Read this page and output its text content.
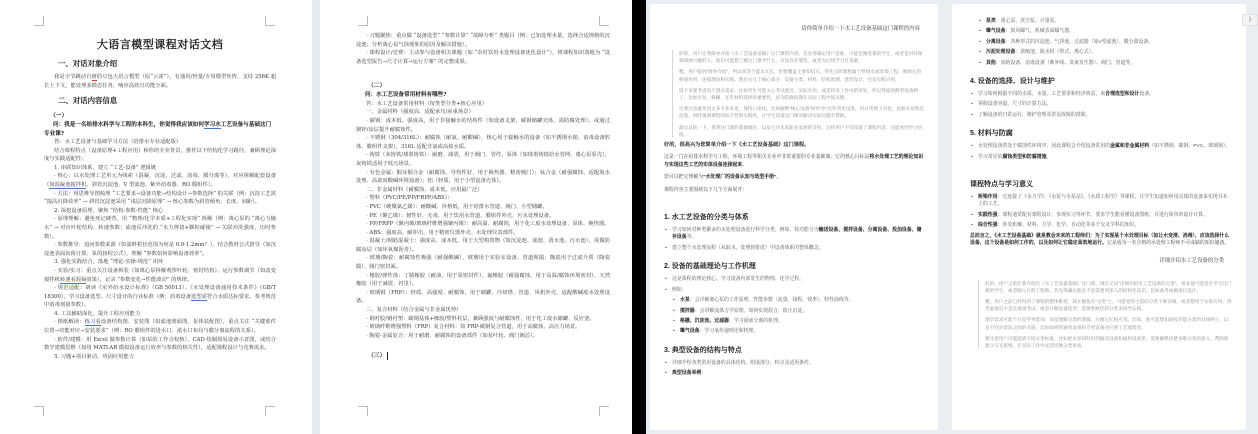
大语言模型课程对话文档
一、对话对象介绍

我是字节跳动自研的豆包大语言模型（原“云雀”），有通用/轻量/专用模型矩阵，支持 256K 超长上下文，能处理多模态任务，响应高效且功能全面。

二、对话内容信息
（一）

问：我是一名给排水科学与工程的本科生，你觉得我应该如何学习水工艺设备与基础这门专业课?

答：水工艺设备与基础学习方法（给排水专业适配版）

结合课程特点（设备原理+工程应用）和你的专业背景，推荐以下结构化学习路径，兼顾理论深度与实践适配性：

1. 串联知识体系，建立 “工艺-设备” 逻辑链

· 核心：以水处理工艺单元为线索（混凝、沉淀、过滤、消毒、膜分离等），对应拆解配套设备（如混凝池搅拌机、斜管沉淀池、V 型滤池、紫外消毒器、RO 膜组件）。

· 方法：用思维导图梳理 “工艺要求→设备功能→结构设计→参数选择” 的关联（例：沉淀工艺需 “提高沉降效率” → 斜管沉淀池采用 “浅层沉降原理” → 核心参数为斜管倾角、长度、间距）。

2. 深挖设备原理，聚焦 “结构-参数-性能” 核心

· 原理理解：避免死记硬背，用 “物理/化学本质+工程化实现” 拆解（例：离心泵的 “离心力输水” → 对应叶轮结构、转速参数；滤池反冲洗的 “水力剪切+颗粒碰撞” → 关联冲洗强度、历时参数）。

· 参数推导：追问参数来源（如滤料粒径范围为何是 0.9-1.2mm？），结合教材公式推导（如沉淀池表面负荷计算、泵的扬程公式），理解 “参数如何影响设备效率”。

3. 强化实践结合，落地 “理论-实操-规范” 闭环

· 实验/实习：重点关注设备拆装（如离心泵拆解观察叶轮、密封结构）、运行参数调节（如改变搅拌机转速看混凝效果），记录 “参数变化→性能波动” 的规律。

· 规范适配：研读《室外给水设计标准》（GB 50013）、《水处理设备通用技术条件》（GB/T 18300），学习设备选型、尺寸设计的行业标准（例：消毒设备选型需符合水质达标要求，参考规范中消毒剂量参数）。

4. 工具辅助深化，提升工程应用能力

· 图纸解读：练习看设备结构图、安装图（如滤池剖面图、泵体装配图），重点关注 “关键部件位置→功能对应→安装要求”（例：RO 膜组件的进水口、浓水口布局与膜分离流程的关系）。

· 软件/建模：用 Excel 做参数计算（如泵的工作点校核）、CAD 绘制简易设备示意图，或结合数学建模思维（如用 MATLAB 模拟设备运行效率与参数的相关性），适配课程设计与竞赛需求。

5. 习题+项目驱动，巩固应用能力

· 习题聚焦：重点做 “设备选型” “参数计算” “故障分析” 类题目（例：已知处理水量，选择合适规格的沉淀池；分析离心泵气蚀现象的原因及解决措施）。

· 课程设计/竞赛：主动参与设备相关课题（如 “农村饮用水处理设备优化设计”），将课程知识落地为 “设备选型报告→尺寸计算→运行方案” 的完整成果。

（二）

问：水工艺设备常用材料有哪些?

答：水工艺设备常用材料（按类型分类+核心应用）

一、金属材料（强度高、适配承压/承重场景）

· 碳钢：成本低、强度高，用于非接触水的结构件（如设备支架、碳钢储罐壳体，需防腐处理），或通过镀锌/涂层提升耐腐蚀性。

· 不锈钢（304/316L）：耐腐蚀（耐氯、耐酸碱），核心用于接触水的设备（如不锈钢水箱、消毒设备腔体、膜组件支架），316L 适配含氯或高盐水质。

· 铸铁（灰铸铁/球墨铸铁）：耐磨、减震，用于阀门、管件、泵体（如球墨铸铁给水管网、离心泵泵壳），灰铸铁适用于低压场景。

· 有色金属：铜及铜合金（耐腐蚀、导热性好，用于换热器、精密阀门）；钛合金（耐强腐蚀，适配海水处理、高浓度酸碱环境设备）；铝（轻质，用于小型设备壳体）。

二、非金属材料（耐腐蚀、成本低，应用最广泛）

· 塑料（PVC/PE/PP/FRPP/ABS）：

· PVC（硬聚氯乙烯）：耐酸碱、价格低，用于给排水管道、阀门、小型储罐。

· PE（聚乙烯）：韧性好、无毒，用于饮用水管道、膜组件外壳、污水处理设备。

· PP/FRPP（聚丙烯/玻璃纤维增强聚丙烯）：耐高温、耐腐蚀，用于化工废水处理设备、泵体、换热器。

· ABS：强度高、耐冲击，用于精密仪器外壳、水处理仪表部件。

· 混凝土/钢筋混凝土：强度高、成本低，用于大型构筑物（如沉淀池、滤池、清水池、污水池），需做防腐涂层（如环氧煤沥青）。

· 玻璃/陶瓷：耐腐蚀性极强（耐强酸碱），玻璃用于实验室设备、管道视镜；陶瓷用于过滤介质（陶瓷膜）、阀门密封面。

· 橡胶/弹性体：丁腈橡胶（耐油，用于泵密封件）、氟橡胶（耐强腐蚀，用于高温/腐蚀环境密封）、天然橡胶（用于减震、衬里）。

· 玻璃钢（FRP）：轻质、高强度、耐腐蚀，用于储罐、冷却塔、管道、风机外壳，适配酸碱废水处理设备。

三、复合材料（结合金属与非金属优势）

· 钢衬胶/钢衬塑：碳钢基体+橡胶/塑料衬层，兼顾强度与耐腐蚀性，用于化工废水储罐、反应釜。

· 玻璃纤维增强塑料（FRP）复合材料：如 FRP-碳钢复合管道，用于高腐蚀、高压力场景。

· 陶瓷-金属复合：用于耐磨、耐腐蚀的设备部件（如泵叶轮、阀门阀芯）。

（三）
请你简单介绍一下水工艺设备基础这门课程的内容

好的，用户让我简单介绍《水工艺设备基础》这门课的内容。首先得确定用户是谁，可能是刚选课的学生，或者是对环保领域感兴趣的人。他们可能想了解这门课学什么，有没有必要选，或者为后续学习打基础。

嗯，用户提到“简单介绍”，所以回答不能太冗长，但要覆盖主要知识点。得先点明课程属于给排水或环境工程，强调它的桥梁作用，连接理论和实践。然后分几个核心部分：设备分类、材料、结构原理、选型设计，还有实践应用。

接下来要考虑用户潜在需求。比如学生可能关心考试重点、实际应用，或者将来工作中的用处。所以得提到典型设备例子，比如水泵、格栅，还有材料选择的重要性，因为防腐问题在实际工程中很关键。

还要注意避免用太多专业术语，保持口语化。比如解释“核心设备”时举“泵”这些常见设备，用日常例子对比，比如水泵和沉淀池。同时强调课程的综合性和实践性，让学生知道这门课对解决实际问题有帮助。

最后总结一下，说明这门课的基础地位，以及它对未来职业发展的支持。这样用户不仅知道了课程内容，还能看到学习价值。

好的，很高兴为您简单介绍一下《水工艺设备基础》这门课程。

这是一门在给排水科学与工程、环境工程等相关专业中非常重要的专业基础课。它的核心目标是将水处理工艺的理论知识与实现这些工艺的实体设备连接起来。

您可以把它理解为“水处理厂的设备认知与选型手册”。

课程内容主要围绕以下几个方面展开：

1. 水工艺设备的分类与体系
• 学习如何对种类繁多的水处理设备进行科学分类。例如，按功能分为输送设备、搅拌设备、分离设备、投加设备、储存设备等。
• 建立整个水处理流程（从取水、处理到排放）中设备体系的整体概念。
2. 设备的基础理论与工作机理
• 这是课程的理论核心。学习设备内部发生的物理、化学过程。
• 例如：
• 水泵：会详解离心泵的工作原理、性能参数（流量、扬程、效率）、特性曲线等。
• 搅拌器：会讲解流体力学原理，如何实现混合、防止沉淀。
• 格栅、沉淀池、过滤器：学习固液分离的机理。
• 曝气设备：学习氧传递理论和机理。
3. 典型设备的结构与特点
• 详细介绍各类常用设备的具体结构、组成部分、特点及适用条件。
• 典型设备举例：
⟩
• 泵类：离心泵、真空泵、计量泵。
• 曝气设备：鼓风曝气、机械表面曝气器。
• 分离设备：各种形式的沉淀池、气浮池、过滤器（如V型滤池）、膜分离设备。
• 污泥处理设备：浓缩池、脱水机（带式、离心式）。
• 其他：加药设备、消毒设备（紫外线、臭氧发生器）、阀门、管道等。
4. 设备的选择、设计与维护
• 学习如何根据不同的水质、水量、工艺要求和经济效益，来合理选型和设计设备。
• 掌握设备容量、尺寸的计算方法。
• 了解设备的日常运行、维护管理及常见故障的排除。
5. 材料与防腐
• 水处理设备常处于腐蚀性环境中，因此课程会介绍设备常用的金属和非金属材料（如不锈钢、碳钢、PVC、玻璃钢）。
• 学习常见的腐蚀类型和防腐措施。
课程特点与学习意义
• 桥梁作用：它连接了《水力学》、《水泵与水泵站》、《水质工程学》等课程，让学生知道如何用具体的设备来实现书本上的工艺。
• 实践性强：课程通常配有课程设计、参观实习等环节，要求学生能看懂设备图纸，并进行简单的设计计算。
• 综合性强：涉及机械、材料、力学、化学、自动化等多个交叉学科的知识。

总而言之，《水工艺设备基础》就是教会未来的工程师们：为了实现某个水处理目标（如让水变清、消毒），应该选择什么设备，这个设备是如何工作的，以及如何让它稳定高效地运行。它是成为一名合格的水处理工程师不可或缺的知识储备。

详细介绍水工艺设备的分类

好的，用户之前让我介绍过《水工艺设备基础》这门课，现在又问“详细介绍水工艺设备的分类”，看来他可能是在学习这门课的学生，或者刚入行的工程师。首先得确认他是不是需要更深入的结构化知识，比如备考或做项目设计。

嗯，用户之前已经得到了课程的整体框架，现在聚焦在“分类”上，可能觉得之前的分类不够详细，或者想用于实际应用。得考虑他是不是在准备考试，或者在做设备选型，需要系统化的分类来指导实践。

深层需求可能不只是罗列类别，而是理解分类的逻辑，方便记忆和应用。比如，他可能想知道按功能分类的具体例子，以及不同分类法之间的关联，比如如何将通用设备和专用设备对应到工艺流程里。

要注意用户可能混淆不同分类标准，比如把水泵同时归到输送设备和通用设备里，需要解释清楚多维分类的意义，帮助他建立交叉思维，在实际工作中灵活切换分类角度。
